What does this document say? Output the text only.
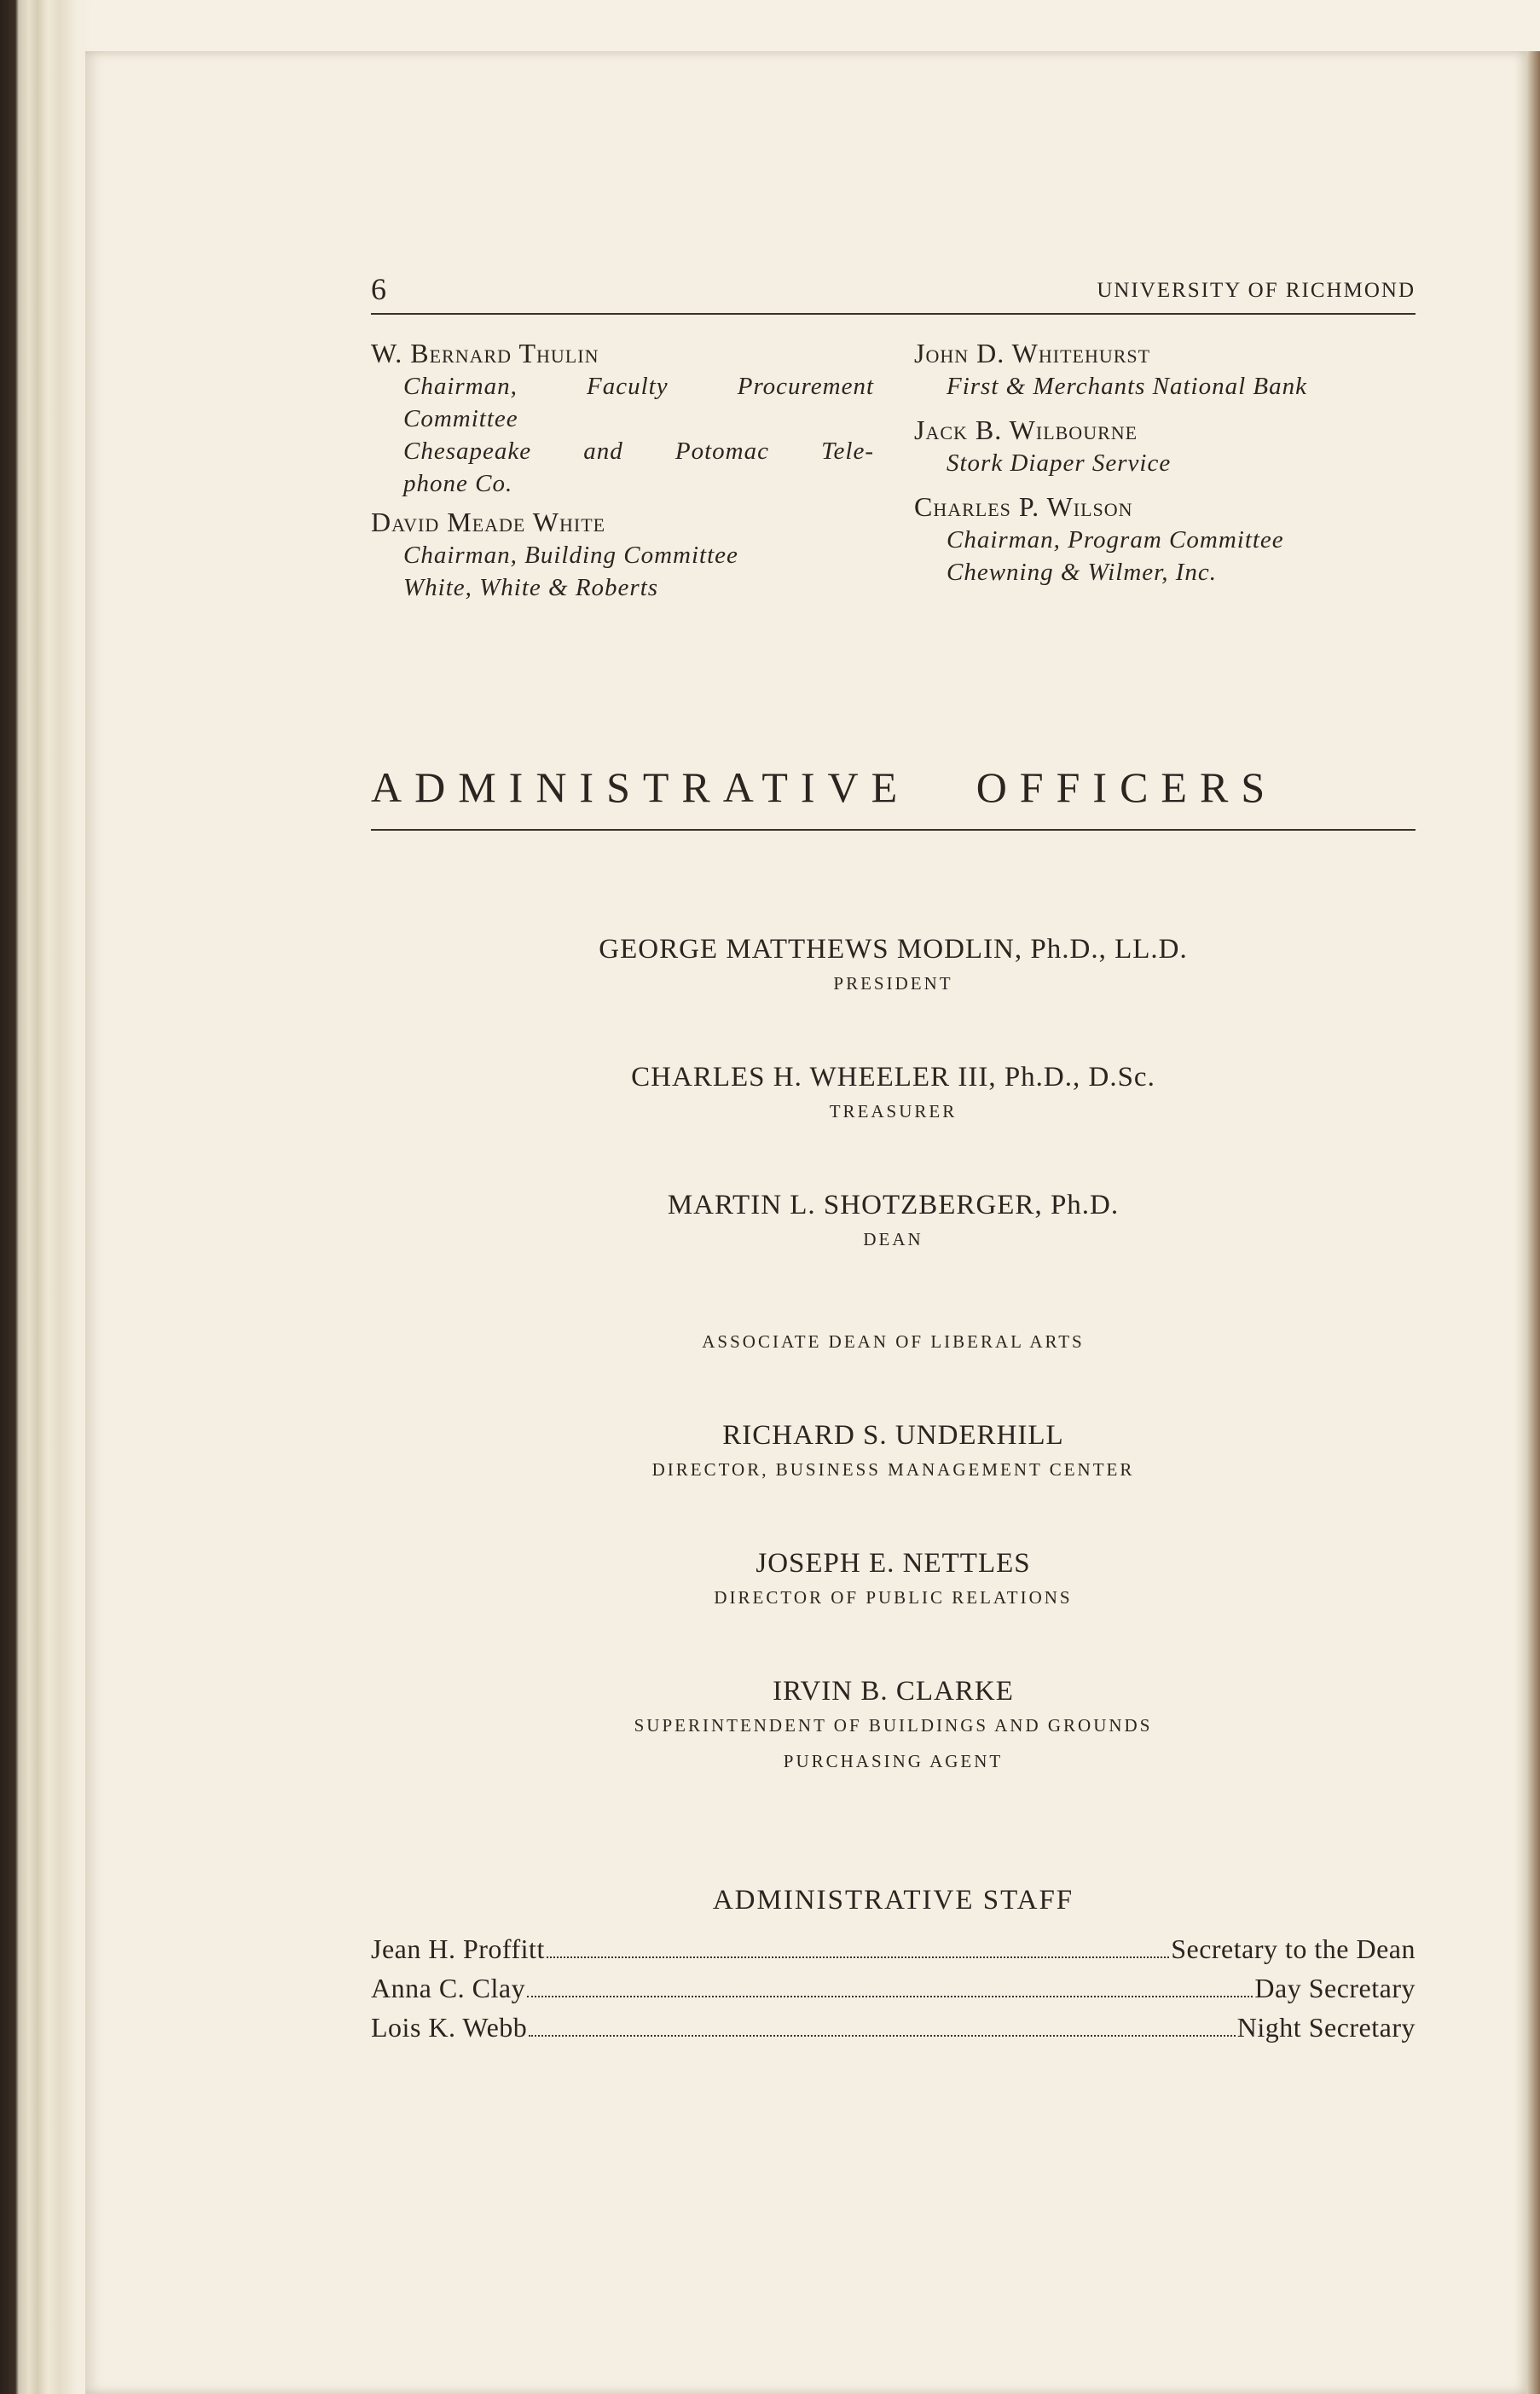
6	UNIVERSITY OF RICHMOND
W. Bernard Thulin
Chairman, Faculty Procurement
Committee
Chesapeake and Potomac Tele-
phone Co.
David Meade White
Chairman, Building Committee
White, White & Roberts
John D. Whitehurst
First & Merchants National Bank
Jack B. Wilbourne
Stork Diaper Service
Charles P. Wilson
Chairman, Program Committee
Chewning & Wilmer, Inc.
ADMINISTRATIVE OFFICERS
GEORGE MATTHEWS MODLIN, Ph.D., LL.D.
PRESIDENT
CHARLES H. WHEELER III, Ph.D., D.Sc.
TREASURER
MARTIN L. SHOTZBERGER, Ph.D.
DEAN
ASSOCIATE DEAN OF LIBERAL ARTS
RICHARD S. UNDERHILL
DIRECTOR, BUSINESS MANAGEMENT CENTER
JOSEPH E. NETTLES
DIRECTOR OF PUBLIC RELATIONS
IRVIN B. CLARKE
SUPERINTENDENT OF BUILDINGS AND GROUNDS
PURCHASING AGENT
ADMINISTRATIVE STAFF
Jean H. Proffitt	Secretary to the Dean
Anna C. Clay	Day Secretary
Lois K. Webb	Night Secretary
